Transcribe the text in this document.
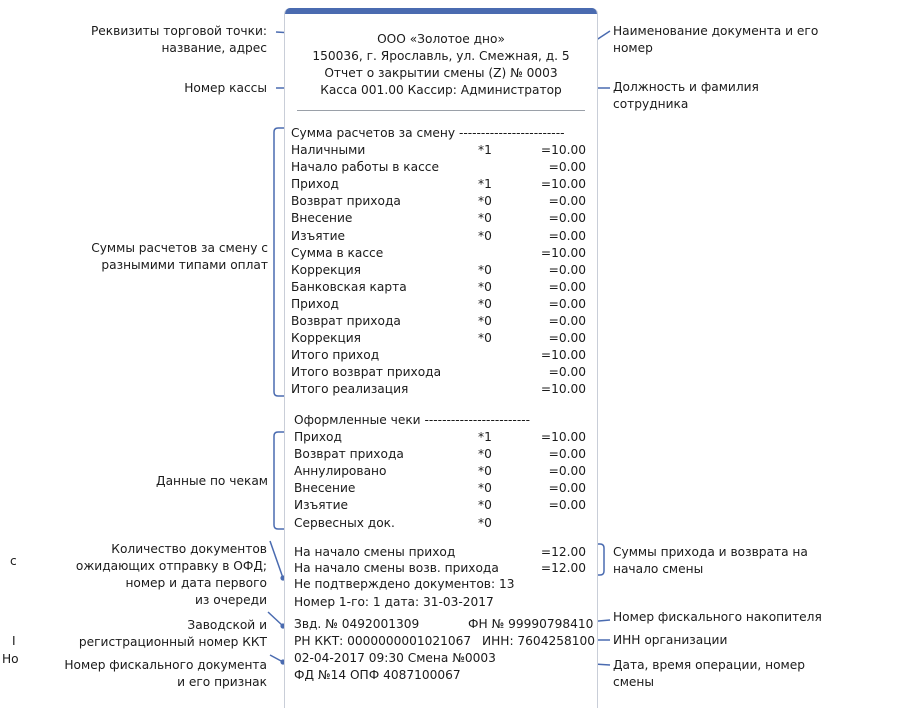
ООО «Золотое дно»
150036, г. Ярославль, ул. Смежная, д. 5
Отчет о закрытии смены (Z) № 0003
Касса 001.00 Кассир: Администратор
Сумма расчетов за смену ------------------------
Наличными	*1	=10.00
Начало работы в кассе	=0.00
Приход	*1	=10.00
Возврат прихода	*0	=0.00
Внесение	*0	=0.00
Изъятие	*0	=0.00
Сумма в кассе	=10.00
Коррекция	*0	=0.00
Банковская карта	*0	=0.00
Приход	*0	=0.00
Возврат прихода	*0	=0.00
Коррекция	*0	=0.00
Итого приход	=10.00
Итого возврат прихода	=0.00
Итого реализация	=10.00
Оформленные чеки ------------------------
Приход	*1	=10.00
Возврат прихода	*0	=0.00
Аннулировано	*0	=0.00
Внесение	*0	=0.00
Изъятие	*0	=0.00
Сервесных док.	*0
На начало смены приход	=12.00
На начало смены возв. прихода	=12.00
Не подтверждено документов: 13
Номер 1-го: 1 дата: 31-03-2017
Звд. № 0492001309	ФН № 99990798410
РН ККТ: 0000000001021067 ИНН: 7604258100
02-04-2017 09:30 Смена №0003
ФД №14 ОПФ 4087100067
Реквизиты торговой точки:
название, адрес
Номер кассы
Суммы расчетов за смену с
разнымими типами оплат
Данные по чекам
Количество документов
ожидающих отправку в ОФД;
номер и дата первого
из очереди
Заводской и
регистрационный номер ККТ
Номер фискального документа
и его признак
Наименование документа и его
номер
Должность и фамилия
сотрудника
Суммы прихода и возврата на
начало смены
Номер фискального накопителя
ИНН организации
Дата, время операции, номер
смены
с
I
Но
